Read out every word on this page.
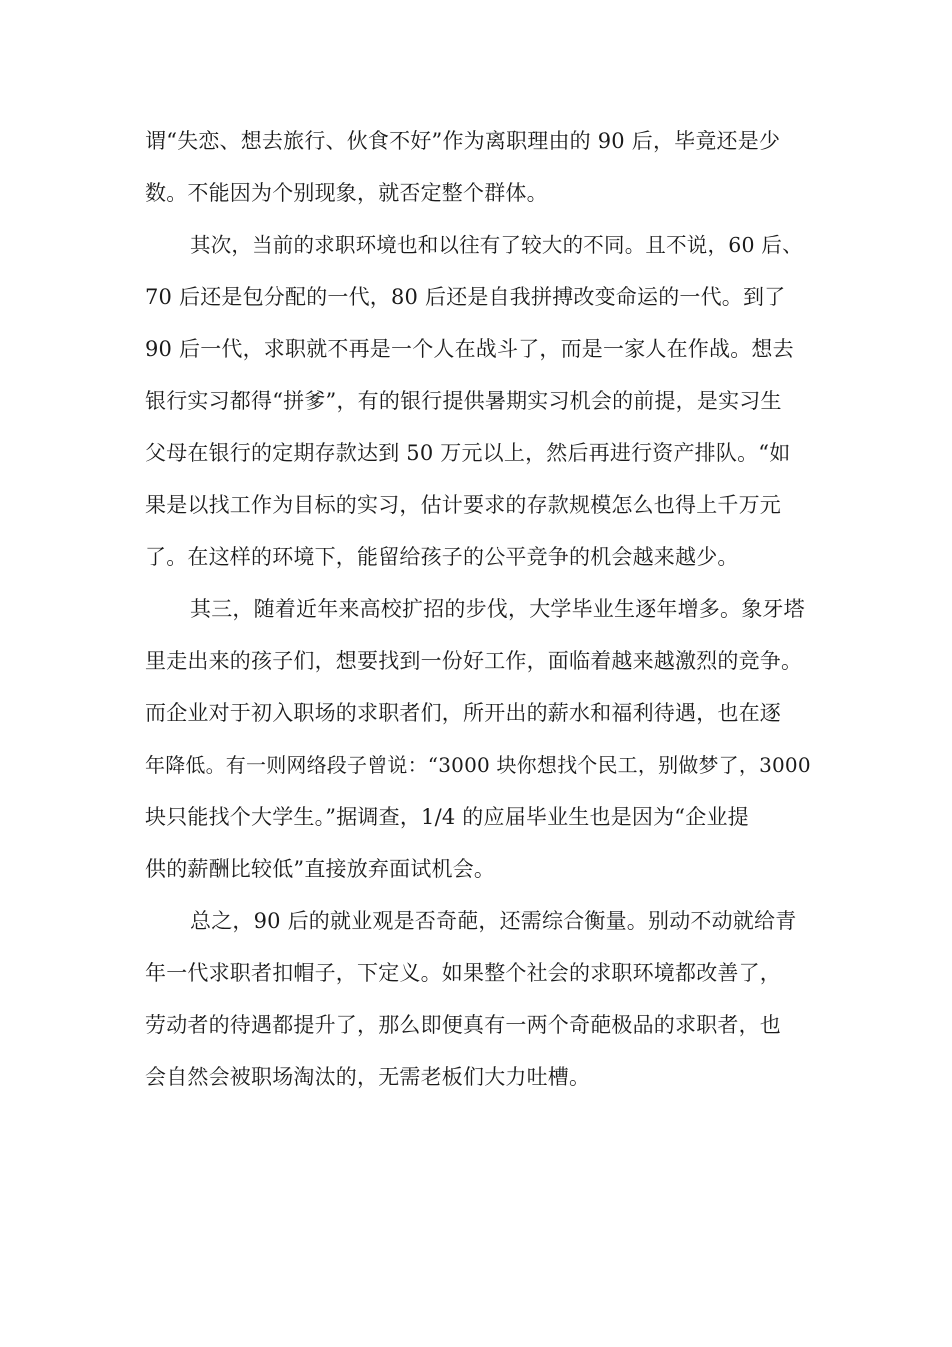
谓“失恋、想去旅行、伙食不好”作为离职理由的 90 后，毕竟还是少
数。不能因为个别现象，就否定整个群体。
其次，当前的求职环境也和以往有了较大的不同。且不说，60 后、
70 后还是包分配的一代，80 后还是自我拼搏改变命运的一代。到了
90 后一代，求职就不再是一个人在战斗了，而是一家人在作战。想去
银行实习都得“拼爹”，有的银行提供暑期实习机会的前提，是实习生
父母在银行的定期存款达到 50 万元以上，然后再进行资产排队。“如
果是以找工作为目标的实习，估计要求的存款规模怎么也得上千万元
了。在这样的环境下，能留给孩子的公平竞争的机会越来越少。
其三，随着近年来高校扩招的步伐，大学毕业生逐年增多。象牙塔
里走出来的孩子们，想要找到一份好工作，面临着越来越激烈的竞争。
而企业对于初入职场的求职者们，所开出的薪水和福利待遇，也在逐
年降低。有一则网络段子曾说：“3000 块你想找个民工，别做梦了，3000
块只能找个大学生。”据调查，1/4 的应届毕业生也是因为“企业提
供的薪酬比较低”直接放弃面试机会。
总之，90 后的就业观是否奇葩，还需综合衡量。别动不动就给青
年一代求职者扣帽子，下定义。如果整个社会的求职环境都改善了，
劳动者的待遇都提升了，那么即便真有一两个奇葩极品的求职者，也
会自然会被职场淘汰的，无需老板们大力吐槽。
